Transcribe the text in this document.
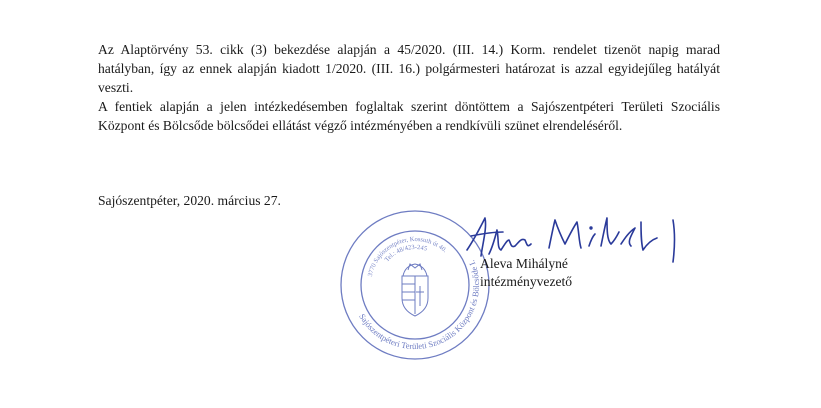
Az Alaptörvény 53. cikk (3) bekezdése alapján a 45/2020. (III. 14.) Korm. rendelet tizenöt napig marad hatályban, így az ennek alapján kiadott 1/2020. (III. 16.) polgármesteri határozat is azzal egyidejűleg hatályát veszti.

A fentiek alapján a jelen intézkedésemben foglaltak szerint döntöttem a Sajószentpéteri Területi Szociális Központ és Bölcsőde bölcsődei ellátást végző intézményében a rendkívüli szünet elrendeléséről.

Sajószentpéter, 2020. március 27.

Sajószentpéteri Területi Szociális Központ és Bölcsőde I.
3770 Sajószentpéter, Kossuth út 40.
Tel.: 48/423-245
Aleva Mihályné
intézményvezető
